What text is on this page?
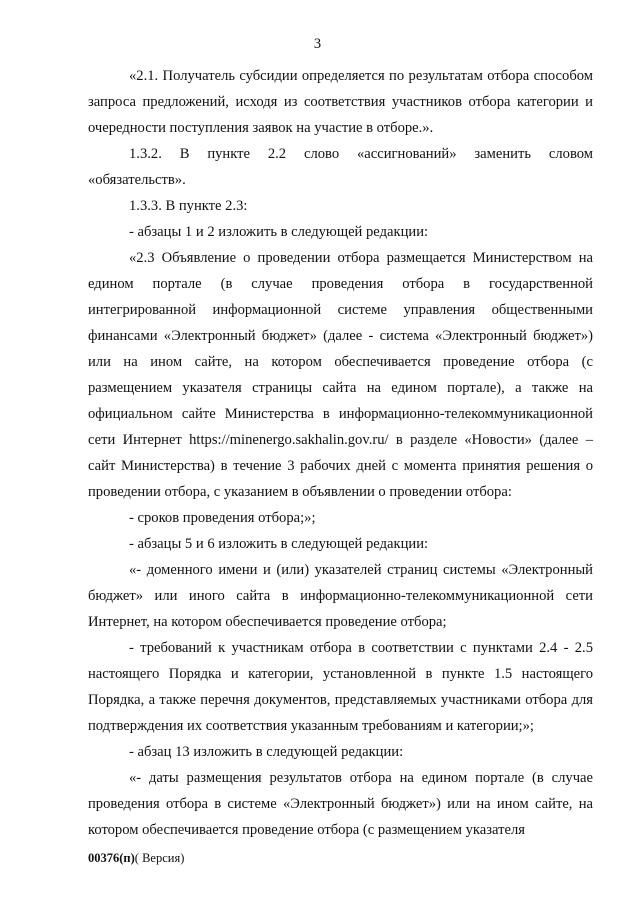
3

«2.1. Получатель субсидии определяется по результатам отбора способом запроса предложений, исходя из соответствия участников отбора категории и очередности поступления заявок на участие в отборе.».

1.3.2. В пункте 2.2 слово «ассигнований» заменить словом «обязательств».

1.3.3. В пункте 2.3:

- абзацы 1 и 2 изложить в следующей редакции:

«2.3 Объявление о проведении отбора размещается Министерством на едином портале (в случае проведения отбора в государственной интегрированной информационной системе управления общественными финансами «Электронный бюджет» (далее - система «Электронный бюджет») или на ином сайте, на котором обеспечивается проведение отбора (с размещением указателя страницы сайта на едином портале), а также на официальном сайте Министерства в информационно-телекоммуникационной сети Интернет https://minenergo.sakhalin.gov.ru/ в разделе «Новости» (далее – сайт Министерства) в течение 3 рабочих дней с момента принятия решения о проведении отбора, с указанием в объявлении о проведении отбора:

- сроков проведения отбора;»;

- абзацы 5 и 6 изложить в следующей редакции:

«- доменного имени и (или) указателей страниц системы «Электронный бюджет» или иного сайта в информационно-телекоммуникационной сети Интернет, на котором обеспечивается проведение отбора;

- требований к участникам отбора в соответствии с пунктами 2.4 - 2.5 настоящего Порядка и категории, установленной в пункте 1.5 настоящего Порядка, а также перечня документов, представляемых участниками отбора для подтверждения их соответствия указанным требованиям и категории;»;

- абзац 13 изложить в следующей редакции:

«- даты размещения результатов отбора на едином портале (в случае проведения отбора в системе «Электронный бюджет») или на ином сайте, на котором обеспечивается проведение отбора (с размещением указателя

00376(п)( Версия)
